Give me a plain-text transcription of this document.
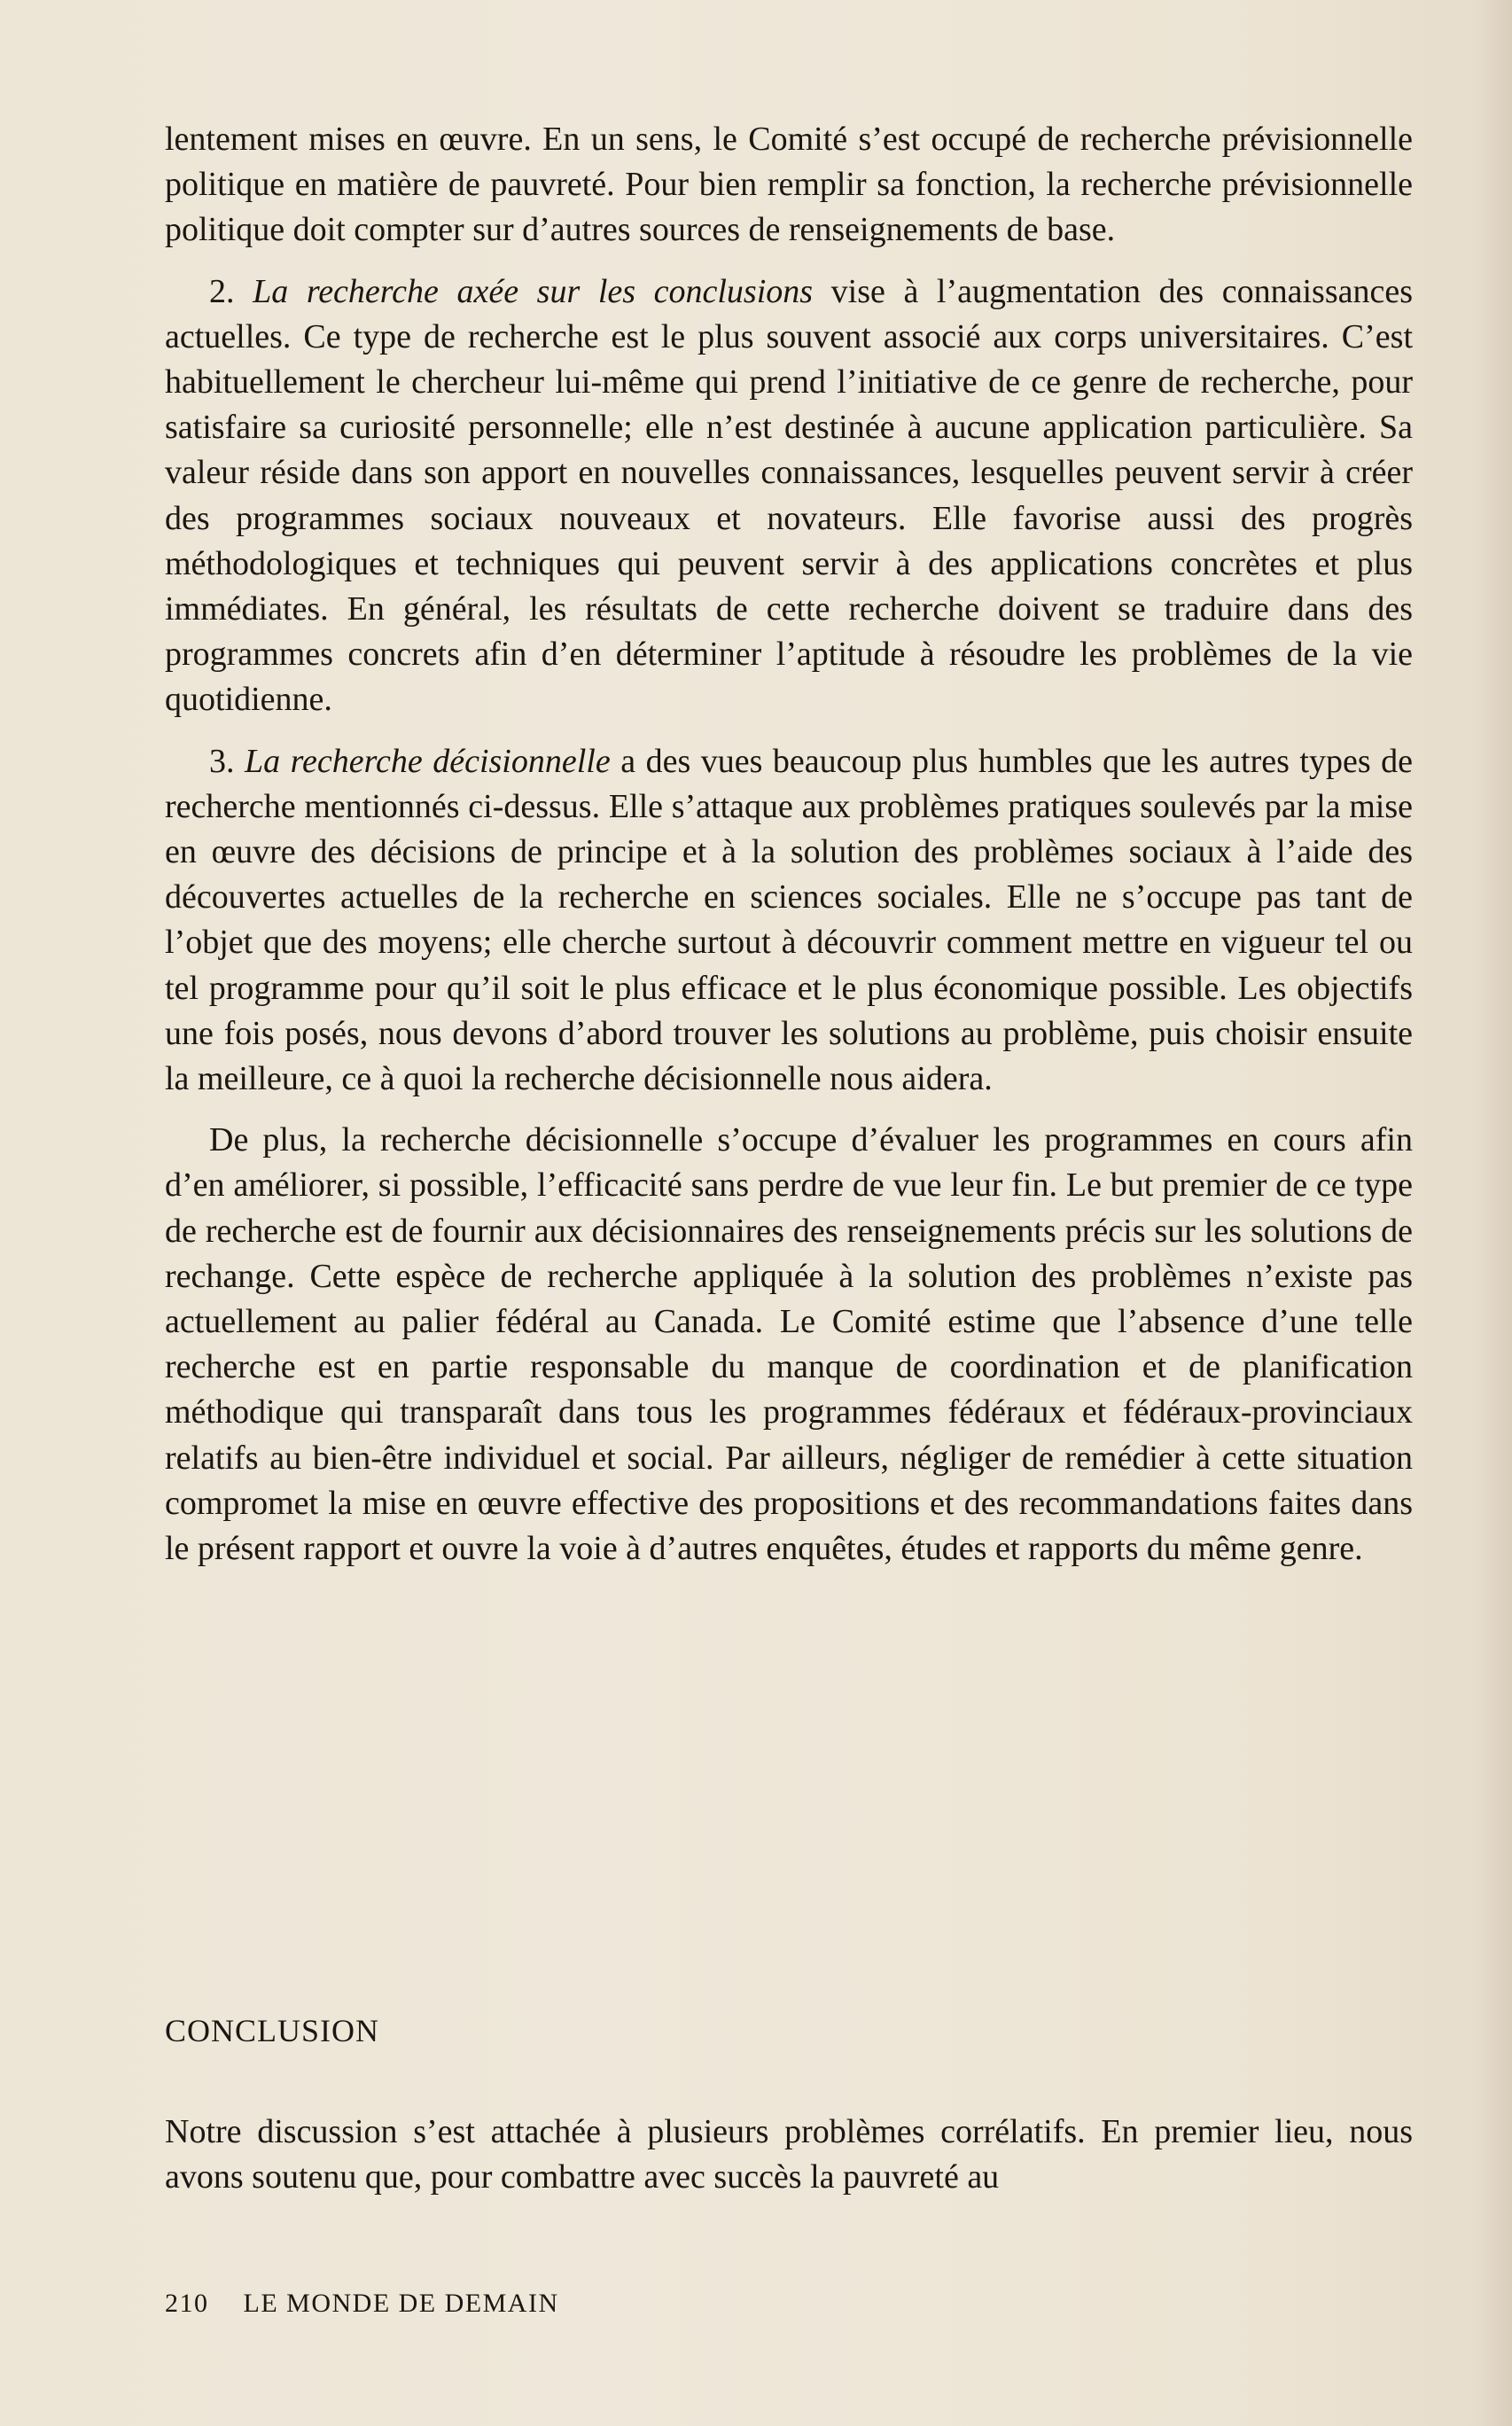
lentement mises en œuvre. En un sens, le Comité s’est occupé de recherche prévisionnelle politique en matière de pauvreté. Pour bien remplir sa fonction, la recherche prévisionnelle politique doit compter sur d’autres sources de renseignements de base.

2. La recherche axée sur les conclusions vise à l’augmentation des connaissances actuelles. Ce type de recherche est le plus souvent associé aux corps universitaires. C’est habituellement le chercheur lui-même qui prend l’initiative de ce genre de recherche, pour satisfaire sa curiosité personnelle; elle n’est destinée à aucune application particulière. Sa valeur réside dans son apport en nouvelles connaissances, lesquelles peuvent servir à créer des programmes sociaux nouveaux et novateurs. Elle favorise aussi des progrès méthodologiques et techniques qui peuvent servir à des applications concrètes et plus immédiates. En général, les résultats de cette recherche doivent se traduire dans des programmes concrets afin d’en déterminer l’aptitude à résoudre les problèmes de la vie quotidienne.

3. La recherche décisionnelle a des vues beaucoup plus humbles que les autres types de recherche mentionnés ci-dessus. Elle s’attaque aux problèmes pratiques soulevés par la mise en œuvre des décisions de principe et à la solution des problèmes sociaux à l’aide des découvertes actuelles de la recherche en sciences sociales. Elle ne s’occupe pas tant de l’objet que des moyens; elle cherche surtout à découvrir comment mettre en vigueur tel ou tel programme pour qu’il soit le plus efficace et le plus économique possible. Les objectifs une fois posés, nous devons d’abord trouver les solutions au problème, puis choisir ensuite la meilleure, ce à quoi la recherche décisionnelle nous aidera.

De plus, la recherche décisionnelle s’occupe d’évaluer les programmes en cours afin d’en améliorer, si possible, l’efficacité sans perdre de vue leur fin. Le but premier de ce type de recherche est de fournir aux décisionnaires des renseignements précis sur les solutions de rechange. Cette espèce de recherche appliquée à la solution des problèmes n’existe pas actuellement au palier fédéral au Canada. Le Comité estime que l’absence d’une telle recherche est en partie responsable du manque de coordination et de planification méthodique qui transparaît dans tous les programmes fédéraux et fédéraux-provinciaux relatifs au bien-être individuel et social. Par ailleurs, négliger de remédier à cette situation compromet la mise en œuvre effective des propositions et des recommandations faites dans le présent rapport et ouvre la voie à d’autres enquêtes, études et rapports du même genre.

CONCLUSION

Notre discussion s’est attachée à plusieurs problèmes corrélatifs. En premier lieu, nous avons soutenu que, pour combattre avec succès la pauvreté au

210 LE MONDE DE DEMAIN
